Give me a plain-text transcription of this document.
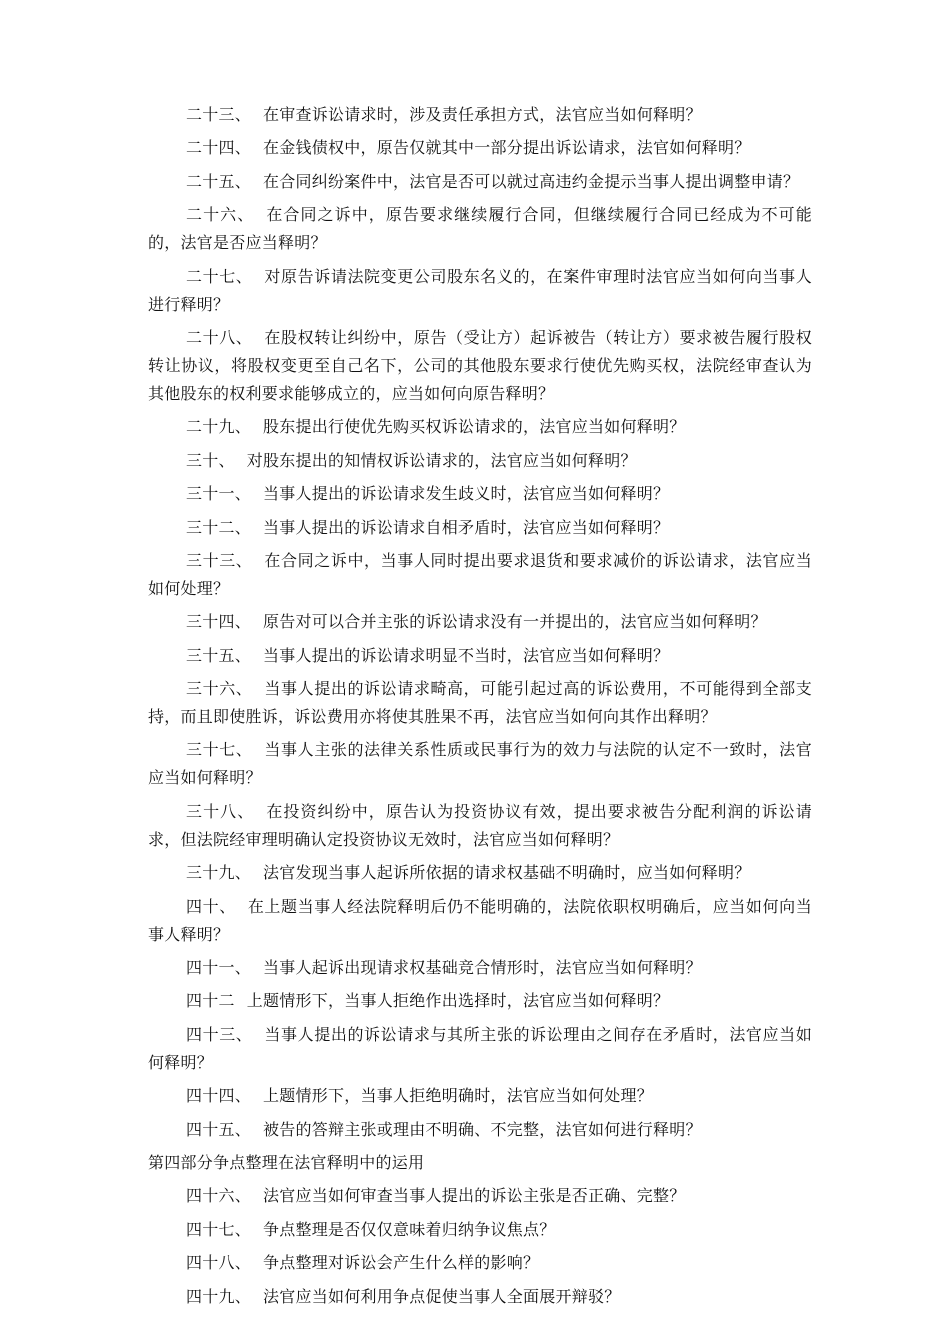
二十三、 在审查诉讼请求时，涉及责任承担方式，法官应当如何释明？
二十四、 在金钱债权中，原告仅就其中一部分提出诉讼请求，法官如何释明？
二十五、 在合同纠纷案件中，法官是否可以就过高违约金提示当事人提出调整申请？
二十六、 在合同之诉中，原告要求继续履行合同，但继续履行合同已经成为不可能的，法官是否应当释明？
二十七、 对原告诉请法院变更公司股东名义的，在案件审理时法官应当如何向当事人进行释明？
二十八、 在股权转让纠纷中，原告（受让方）起诉被告（转让方）要求被告履行股权转让协议，将股权变更至自己名下，公司的其他股东要求行使优先购买权，法院经审查认为其他股东的权利要求能够成立的，应当如何向原告释明？
二十九、 股东提出行使优先购买权诉讼请求的，法官应当如何释明？
三十、 对股东提出的知情权诉讼请求的，法官应当如何释明？
三十一、 当事人提出的诉讼请求发生歧义时，法官应当如何释明？
三十二、 当事人提出的诉讼请求自相矛盾时，法官应当如何释明？
三十三、 在合同之诉中，当事人同时提出要求退货和要求减价的诉讼请求，法官应当如何处理？
三十四、 原告对可以合并主张的诉讼请求没有一并提出的，法官应当如何释明？
三十五、 当事人提出的诉讼请求明显不当时，法官应当如何释明？
三十六、 当事人提出的诉讼请求畸高，可能引起过高的诉讼费用，不可能得到全部支持，而且即使胜诉，诉讼费用亦将使其胜果不再，法官应当如何向其作出释明？
三十七、 当事人主张的法律关系性质或民事行为的效力与法院的认定不一致时，法官应当如何释明？
三十八、 在投资纠纷中，原告认为投资协议有效，提出要求被告分配利润的诉讼请求，但法院经审理明确认定投资协议无效时，法官应当如何释明？
三十九、 法官发现当事人起诉所依据的请求权基础不明确时，应当如何释明？
四十、 在上题当事人经法院释明后仍不能明确的，法院依职权明确后，应当如何向当事人释明？
四十一、 当事人起诉出现请求权基础竞合情形时，法官应当如何释明？
四十二 上题情形下，当事人拒绝作出选择时，法官应当如何释明？
四十三、 当事人提出的诉讼请求与其所主张的诉讼理由之间存在矛盾时，法官应当如何释明？
四十四、 上题情形下，当事人拒绝明确时，法官应当如何处理？
四十五、 被告的答辩主张或理由不明确、不完整，法官如何进行释明？
第四部分争点整理在法官释明中的运用
四十六、 法官应当如何审查当事人提出的诉讼主张是否正确、完整？
四十七、 争点整理是否仅仅意味着归纳争议焦点？
四十八、 争点整理对诉讼会产生什么样的影响？
四十九、 法官应当如何利用争点促使当事人全面展开辩驳？
